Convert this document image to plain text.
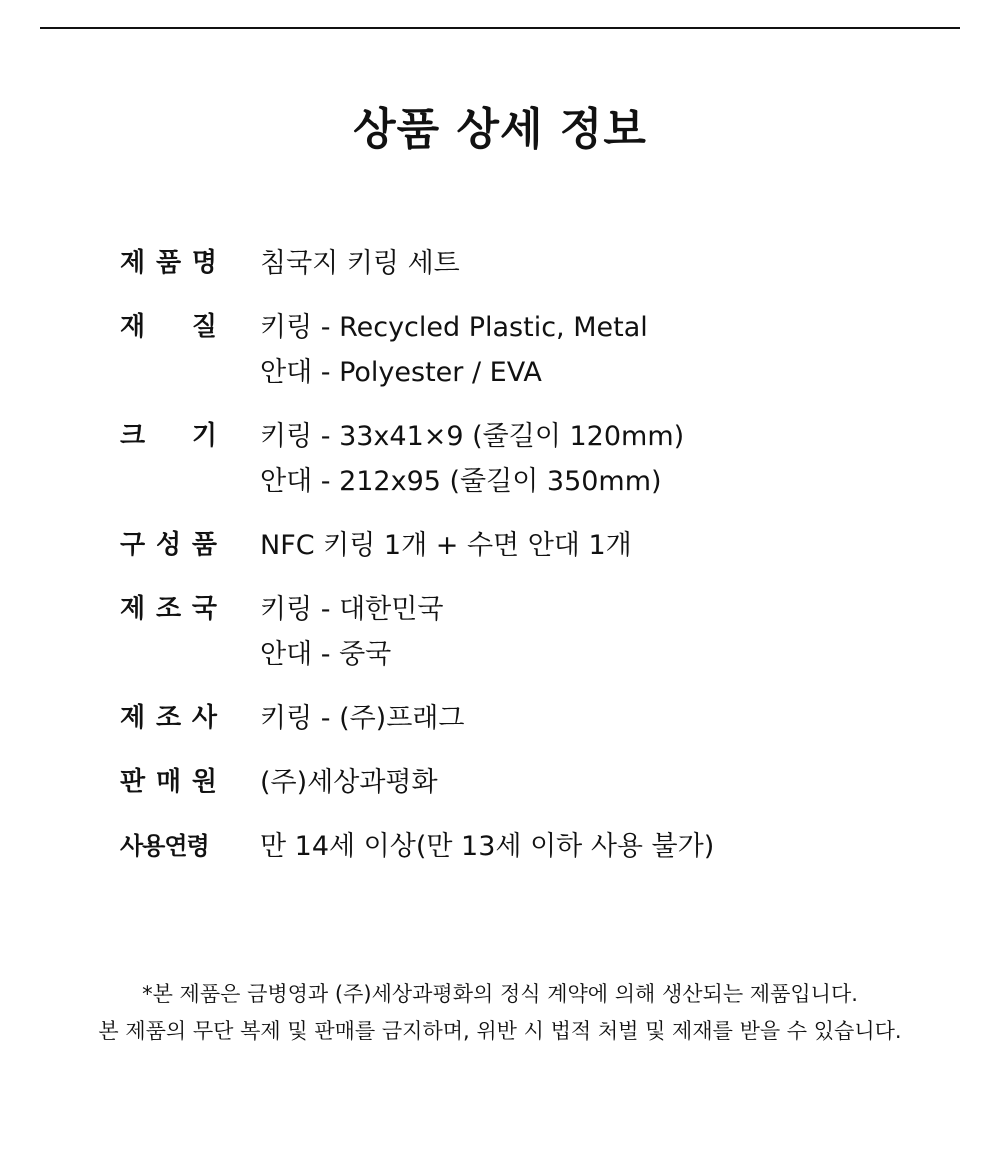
상품 상세 정보
제 품 명 침국지 키링 세트
재 질 키링 - Recycled Plastic, Metal
안대 - Polyester / EVA
크 기 키링 - 33x41×9 (줄길이 120mm)
안대 - 212x95 (줄길이 350mm)
구 성 품 NFC 키링 1개 + 수면 안대 1개
제 조 국 키링 - 대한민국
안대 - 중국
제 조 사 키링 - (주)프래그
판 매 원 (주)세상과평화
사용연령	만 14세 이상(만 13세 이하 사용 불가)

*본 제품은 금병영과 (주)세상과평화의 정식 계약에 의해 생산되는 제품입니다.

본 제품의 무단 복제 및 판매를 금지하며, 위반 시 법적 처벌 및 제재를 받을 수 있습니다.
